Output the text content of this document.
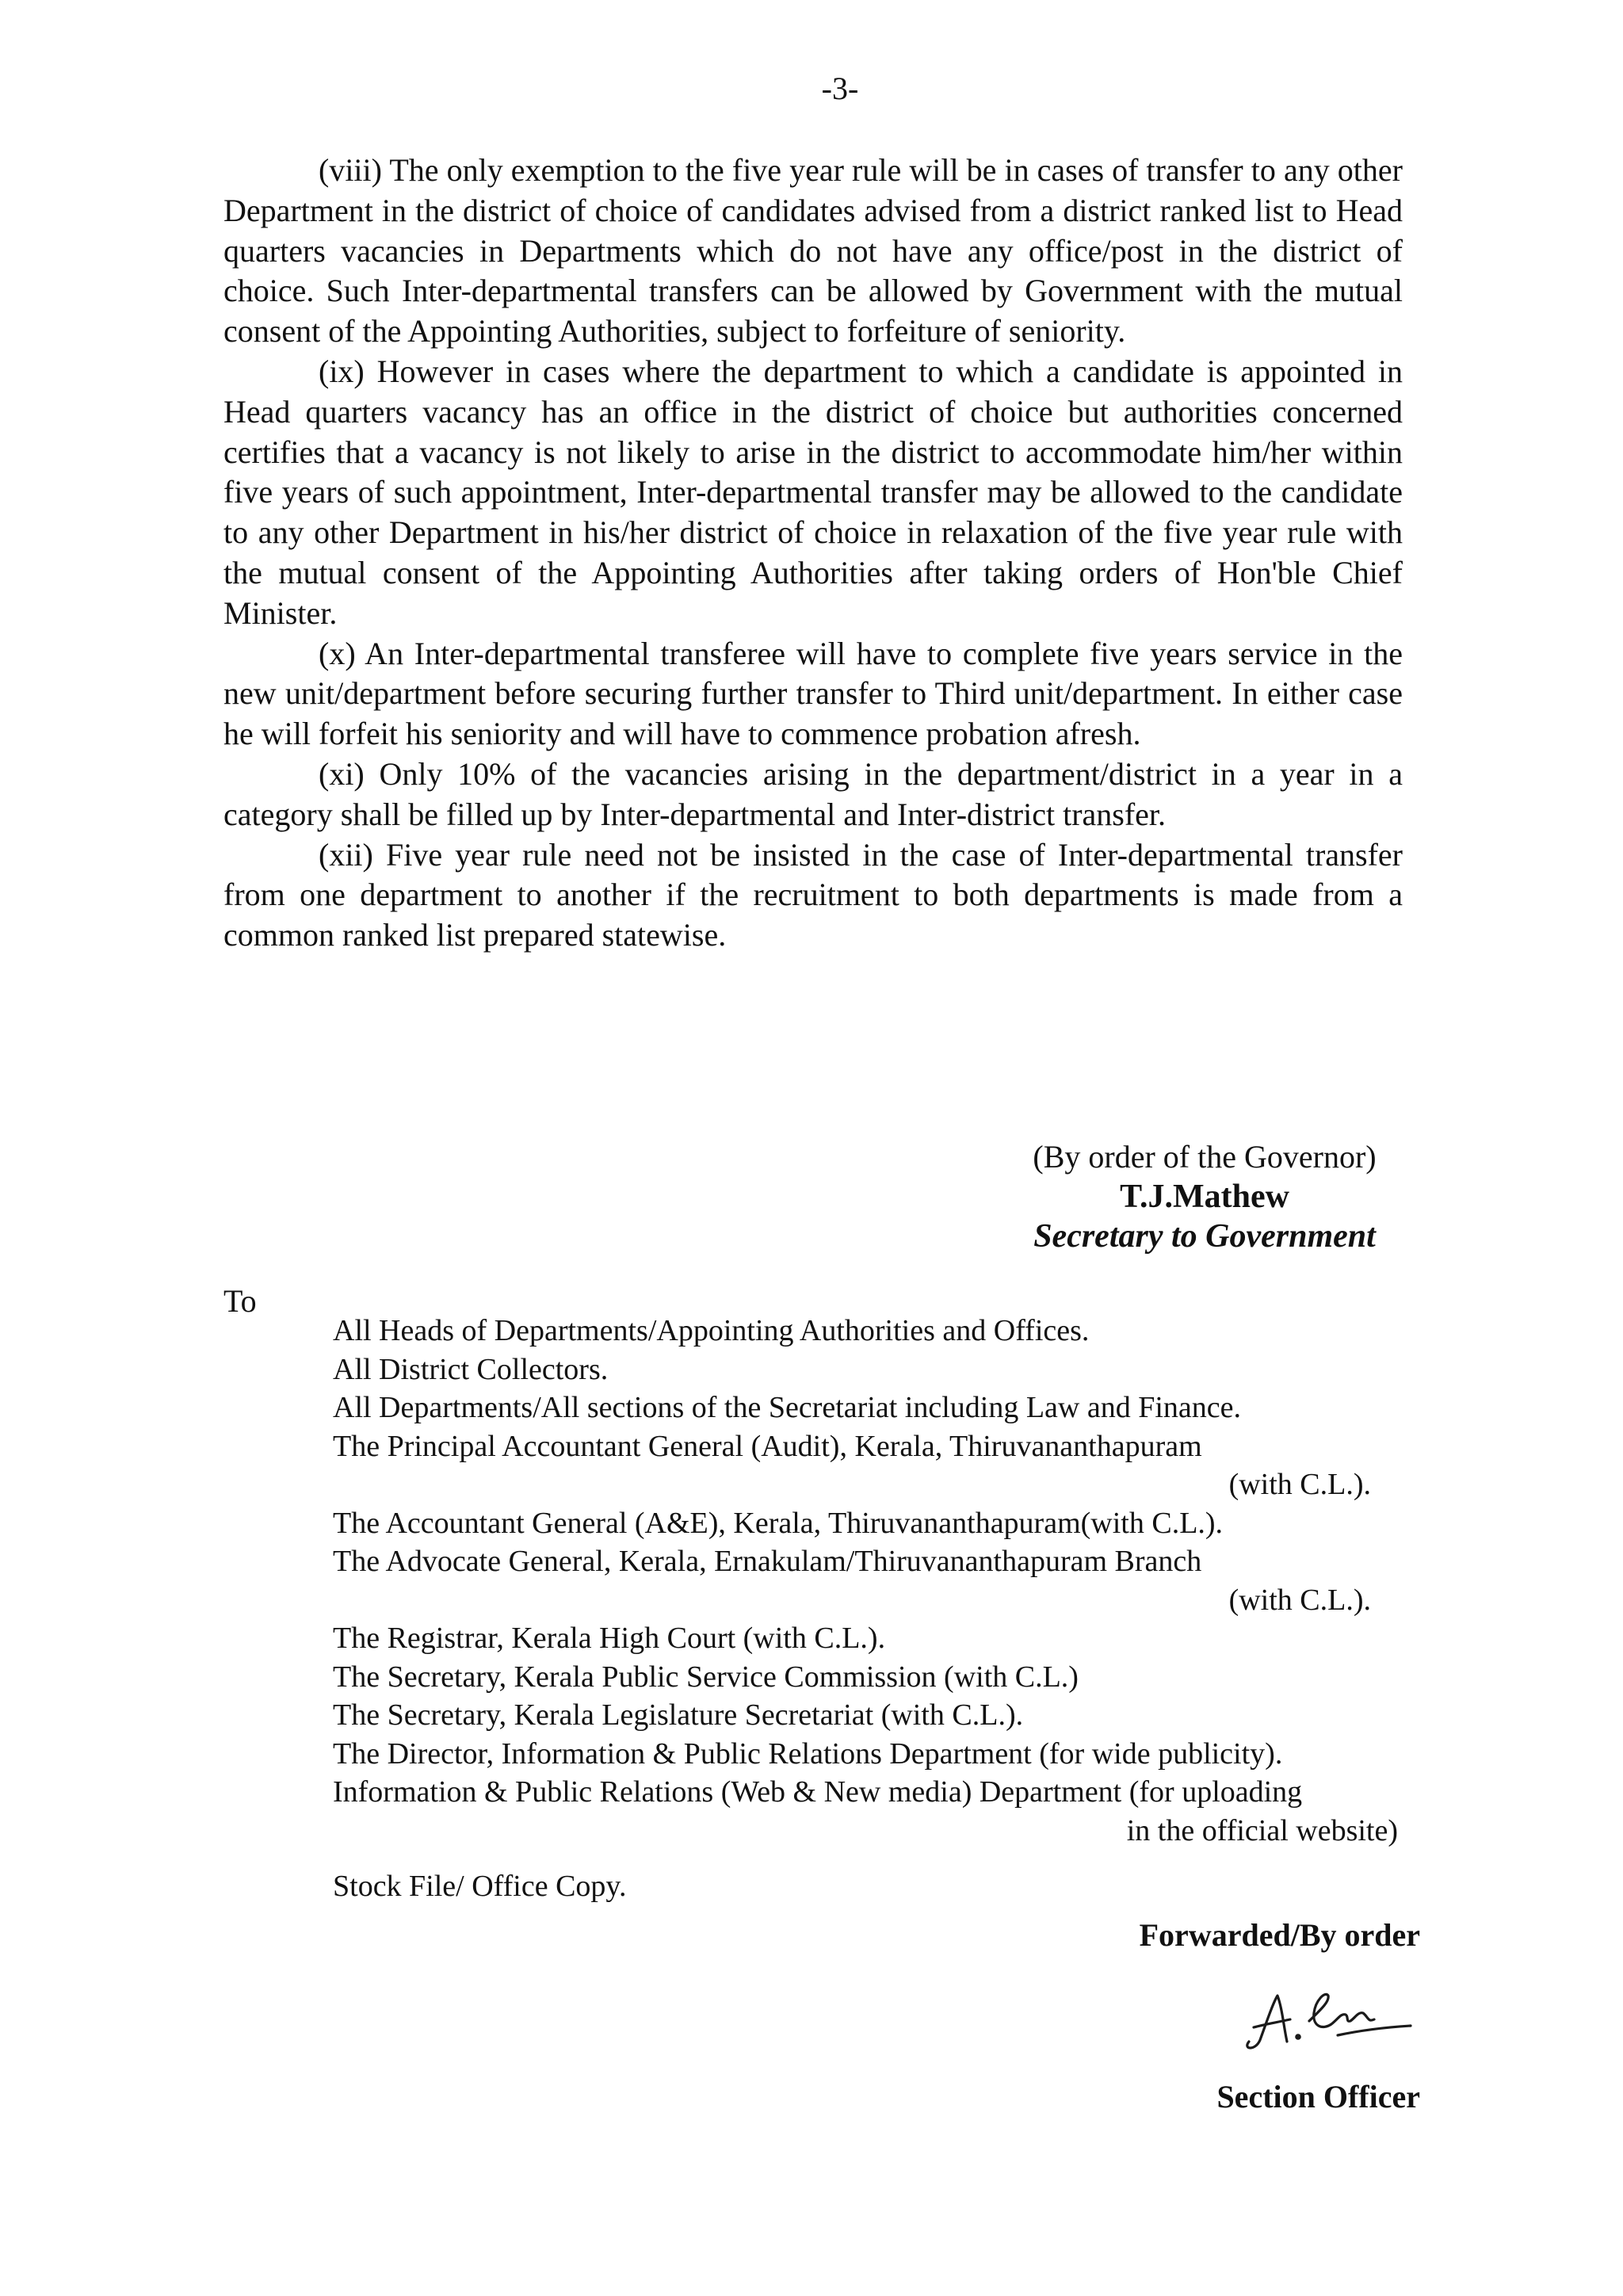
-3-

(viii) The only exemption to the five year rule will be in cases of transfer to any other Department in the district of choice of candidates advised from a district ranked list to Head quarters vacancies in Departments which do not have any office/post in the district of choice. Such Inter-departmental transfers can be allowed by Government with the mutual consent of the Appointing Authorities, subject to forfeiture of seniority.

(ix) However in cases where the department to which a candidate is appointed in Head quarters vacancy has an office in the district of choice but authorities concerned certifies that a vacancy is not likely to arise in the district to accommodate him/her within five years of such appointment, Inter-departmental transfer may be allowed to the candidate to any other Department in his/her district of choice in relaxation of the five year rule with the mutual consent of the Appointing Authorities after taking orders of Hon'ble Chief Minister.

(x) An Inter-departmental transferee will have to complete five years service in the new unit/department before securing further transfer to Third unit/department. In either case he will forfeit his seniority and will have to commence probation afresh.

(xi) Only 10% of the vacancies arising in the department/district in a year in a category shall be filled up by Inter-departmental and Inter-district transfer.

(xii) Five year rule need not be insisted in the case of Inter-departmental transfer from one department to another if the recruitment to both departments is made from a common ranked list prepared statewise.

(By order of the Governor)
T.J.Mathew
Secretary to Government
To
All Heads of Departments/Appointing Authorities and Offices.
All District Collectors.
All Departments/All sections of the Secretariat including Law and Finance.
The Principal Accountant General (Audit), Kerala, Thiruvananthapuram
(with C.L.).
The Accountant General (A&E), Kerala, Thiruvananthapuram(with C.L.).
The Advocate General, Kerala, Ernakulam/Thiruvananthapuram Branch
(with C.L.).
The Registrar, Kerala High Court (with C.L.).
The Secretary, Kerala Public Service Commission (with C.L.)
The Secretary, Kerala Legislature Secretariat (with C.L.).
The Director, Information & Public Relations Department (for wide publicity).
Information & Public Relations (Web & New media) Department (for uploading
in the official website)
Stock File/ Office Copy.
Forwarded/By order
Section Officer
